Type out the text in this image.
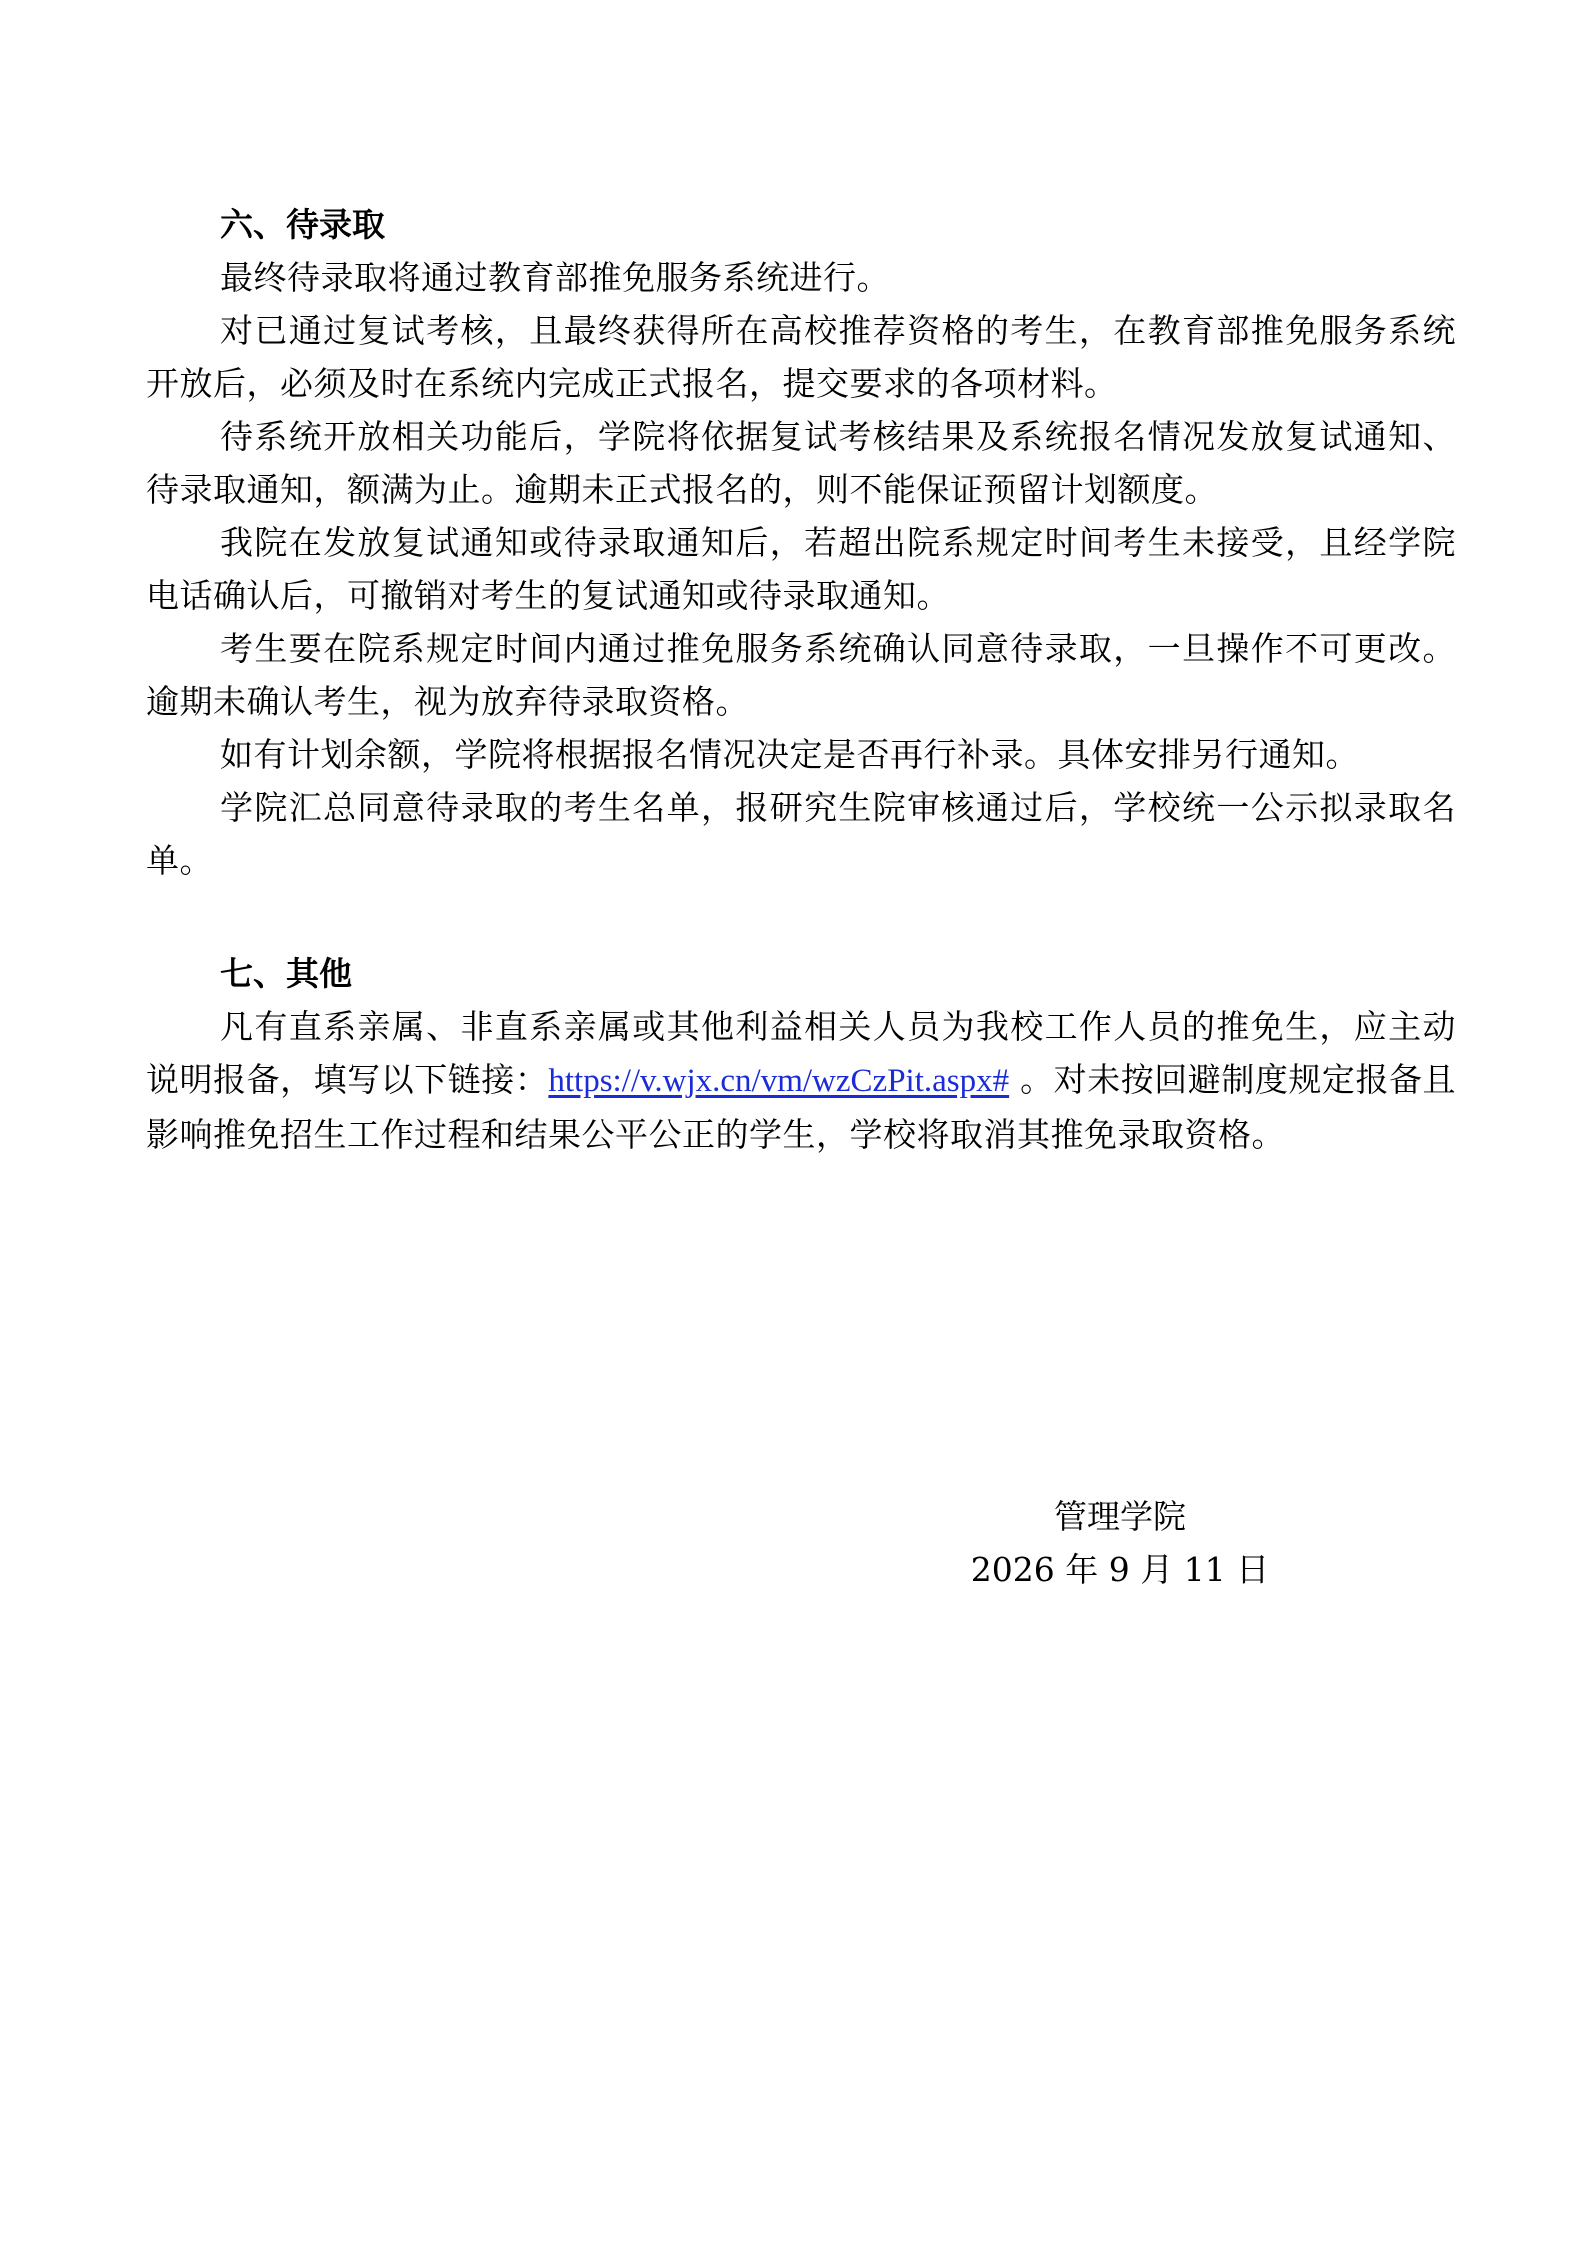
六、待录取

最终待录取将通过教育部推免服务系统进行。

对已通过复试考核，且最终获得所在高校推荐资格的考生，在教育部推免服务系统开放后，必须及时在系统内完成正式报名，提交要求的各项材料。

待系统开放相关功能后，学院将依据复试考核结果及系统报名情况发放复试通知、待录取通知，额满为止。逾期未正式报名的，则不能保证预留计划额度。

我院在发放复试通知或待录取通知后，若超出院系规定时间考生未接受，且经学院电话确认后，可撤销对考生的复试通知或待录取通知。

考生要在院系规定时间内通过推免服务系统确认同意待录取，一旦操作不可更改。逾期未确认考生，视为放弃待录取资格。

如有计划余额，学院将根据报名情况决定是否再行补录。具体安排另行通知。

学院汇总同意待录取的考生名单，报研究生院审核通过后，学校统一公示拟录取名单。

七、其他

凡有直系亲属、非直系亲属或其他利益相关人员为我校工作人员的推免生，应主动说明报备，填写以下链接：https://v.wjx.cn/vm/wzCzPit.aspx# 。对未按回避制度规定报备且影响推免招生工作过程和结果公平公正的学生，学校将取消其推免录取资格。

管理学院

2026 年 9 月 11 日
